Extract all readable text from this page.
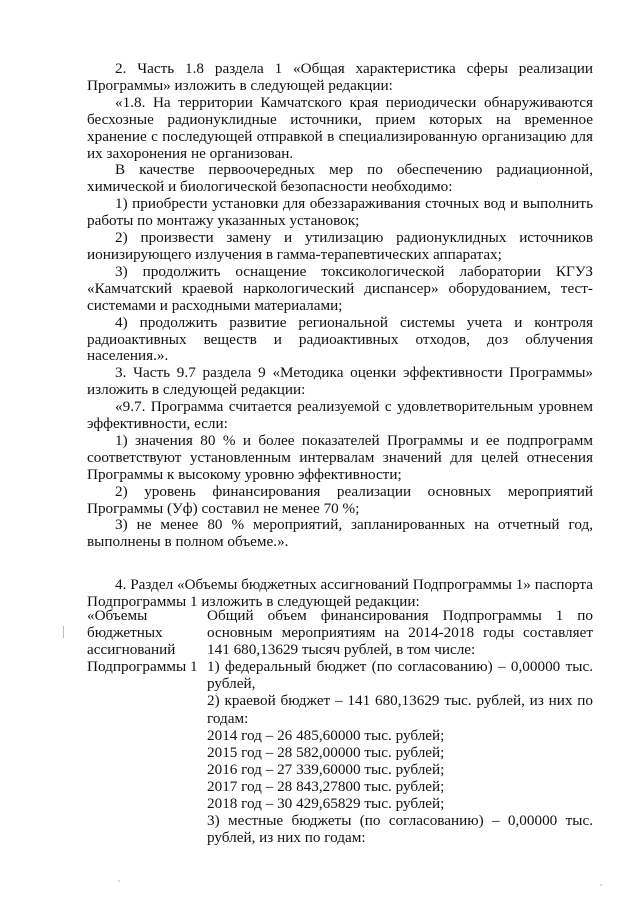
2. Часть 1.8 раздела 1 «Общая характеристика сферы реализации Программы» изложить в следующей редакции:

«1.8. На территории Камчатского края периодически обнаруживаются бесхозные радионуклидные источники, прием которых на временное хранение с последующей отправкой в специализированную организацию для их захоронения не организован.

В качестве первоочередных мер по обеспечению радиационной, химической и биологической безопасности необходимо:

1) приобрести установки для обеззараживания сточных вод и выполнить работы по монтажу указанных установок;

2) произвести замену и утилизацию радионуклидных источников ионизирующего излучения в гамма-терапевтических аппаратах;

3) продолжить оснащение токсикологической лаборатории КГУЗ «Камчатский краевой наркологический диспансер» оборудованием, тест-системами и расходными материалами;

4) продолжить развитие региональной системы учета и контроля радиоактивных веществ и радиоактивных отходов, доз облучения населения.».

3. Часть 9.7 раздела 9 «Методика оценки эффективности Программы» изложить в следующей редакции:

«9.7. Программа считается реализуемой с удовлетворительным уровнем эффективности, если:

1) значения 80 % и более показателей Программы и ее подпрограмм соответствуют установленным интервалам значений для целей отнесения Программы к высокому уровню эффективности;

2) уровень финансирования реализации основных мероприятий Программы (Уф) составил не менее 70 %;

3) не менее 80 % мероприятий, запланированных на отчетный год, выполнены в полном объеме.».

4. Раздел «Объемы бюджетных ассигнований Подпрограммы 1» паспорта Подпрограммы 1 изложить в следующей редакции:

«Объемы
бюджетных
ассигнований
Подпрограммы 1

Общий объем финансирования Подпрограммы 1 по основным мероприятиям на 2014-2018 годы составляет 141 680,13629 тысяч рублей, в том числе:

1) федеральный бюджет (по согласованию) – 0,00000 тыс. рублей,

2) краевой бюджет – 141 680,13629 тыс. рублей, из них по годам:

2014 год – 26 485,60000 тыс. рублей;

2015 год – 28 582,00000 тыс. рублей;

2016 год – 27 339,60000 тыс. рублей;

2017 год – 28 843,27800 тыс. рублей;

2018 год – 30 429,65829 тыс. рублей;

3) местные бюджеты (по согласованию) – 0,00000 тыс. рублей, из них по годам:
